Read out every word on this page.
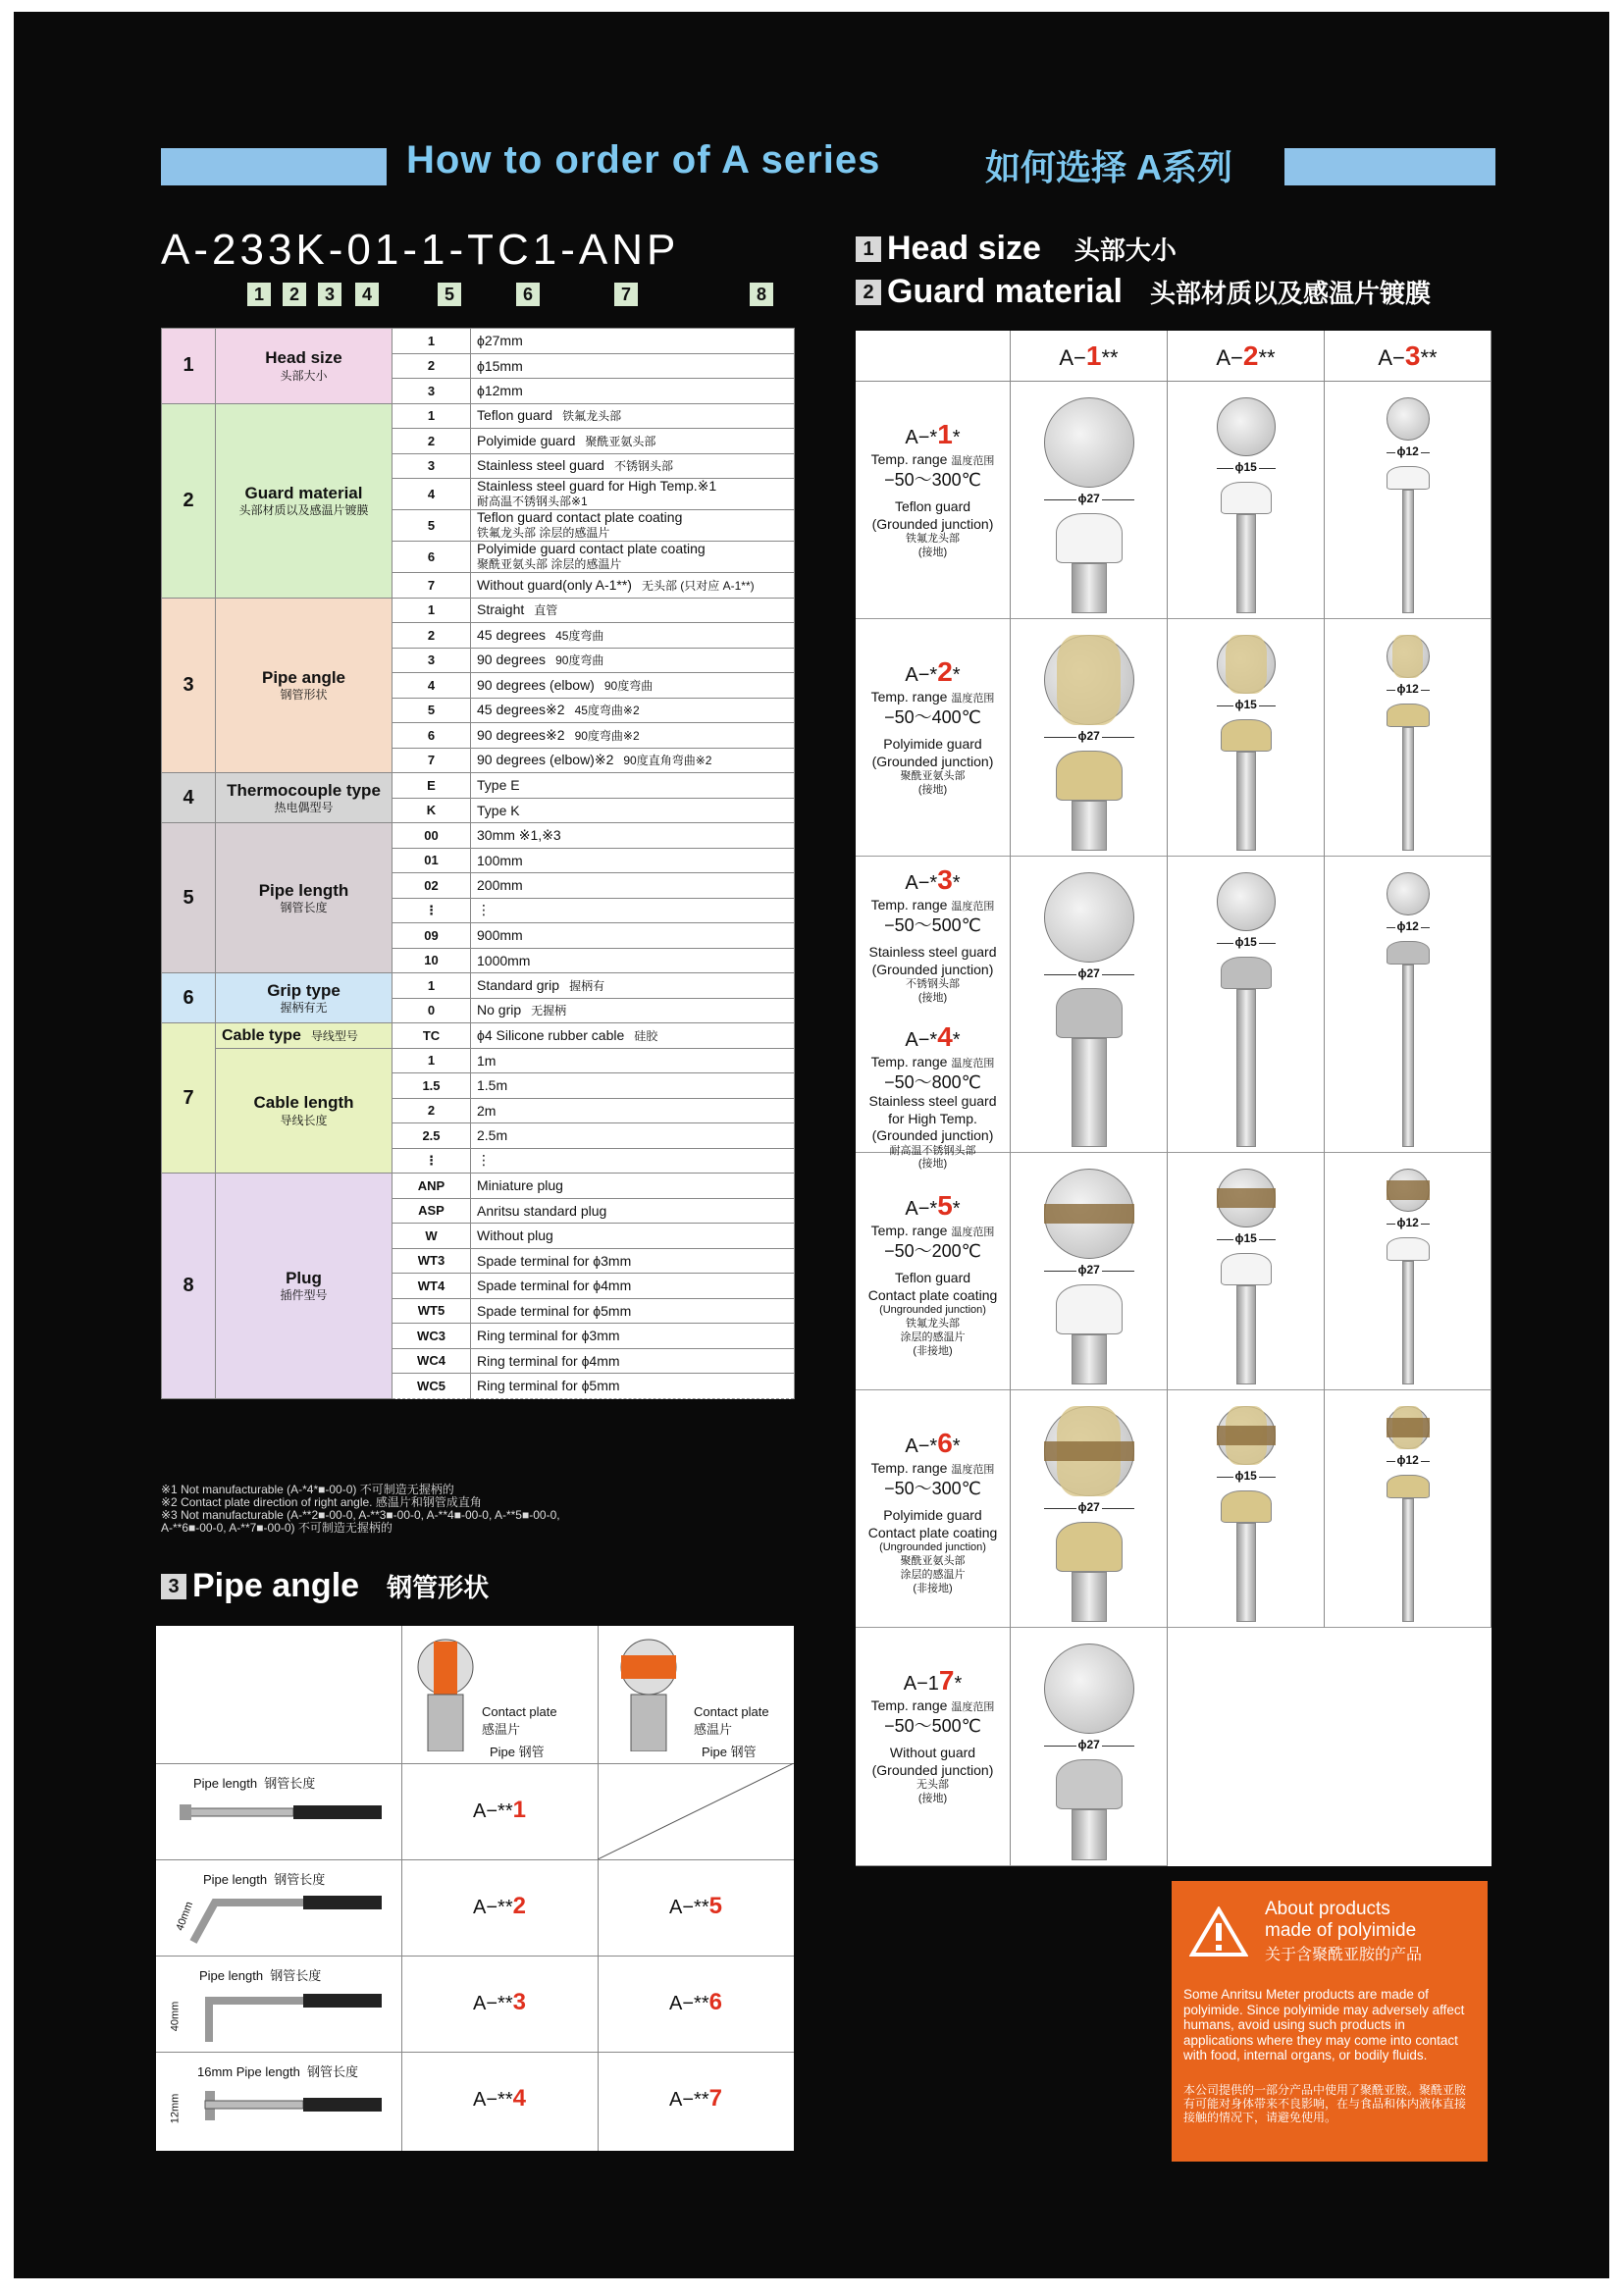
How to order of A series	如何选择 A系列
A-233K-01-1-TC1-ANP
1	2	3	4	5	6	7	8
1	Head size
头部大小	1	ϕ27mm
		2	ϕ15mm
		3	ϕ12mm
2	Guard material
头部材质以及感温片镀膜	1	Teflon guard 铁氟龙头部
		2	Polyimide guard 聚酰亚氨头部
		3	Stainless steel guard 不锈钢头部
		4	Stainless steel guard for High Temp.※1
耐高温不锈钢头部※1
		5	Teflon guard contact plate coating
铁氟龙头部 涂层的感温片
		6	Polyimide guard contact plate coating
聚酰亚氨头部 涂层的感温片
		7	Without guard(only A-1**) 无头部 (只对应 A-1**)
3	Pipe angle
钢管形状	1	Straight 直管
		2	45 degrees 45度弯曲
		3	90 degrees 90度弯曲
		4	90 degrees (elbow) 90度弯曲
		5	45 degrees※2 45度弯曲※2
		6	90 degrees※2 90度弯曲※2
		7	90 degrees (elbow)※2 90度直角弯曲※2
4	Thermocouple type
热电偶型号	E	Type E
		K	Type K
5	Pipe length
钢管长度	00	30mm ※1,※3
		01	100mm
		02	200mm
		⋮	⋮
		09	900mm
		10	1000mm
6	Grip type
握柄有无	1	Standard grip 握柄有
		0	No grip 无握柄
7	Cable type 导线型号	TC	ϕ4 Silicone rubber cable 硅胶

	Cable length
导线长度	1	1m
		1.5	1.5m
		2	2m
		2.5	2.5m
		⋮	⋮
8	Plug
插件型号	ANP	Miniature plug
		ASP	Anritsu standard plug
		W	Without plug
		WT3	Spade terminal for ϕ3mm
		WT4	Spade terminal for ϕ4mm
		WT5	Spade terminal for ϕ5mm
		WC3	Ring terminal for ϕ3mm
		WC4	Ring terminal for ϕ4mm
		WC5	Ring terminal for ϕ5mm
※1 Not manufacturable (A-*4*■-00-0) 不可制造无握柄的
※2 Contact plate direction of right angle. 感温片和钢管成直角
※3 Not manufacturable (A-**2■-00-0, A-**3■-00-0, A-**4■-00-0, A-**5■-00-0,
A-**6■-00-0, A-**7■-00-0) 不可制造无握柄的
1 Head size 头部大小
2 Guard material 头部材质以及感温片镀膜
A−1**	A−2**	A−3**
A−*1*
Temp. range 温度范围
−50～300℃
Teflon guard
(Grounded junction)
铁氟龙头部
(接地)
ϕ27
ϕ15
ϕ12
A−*2*
Temp. range 温度范围
−50～400℃
Polyimide guard
(Grounded junction)
聚酰亚氨头部
(接地)
ϕ27
ϕ15
ϕ12
A−*3*
Temp. range 温度范围
−50～500℃
Stainless steel guard
(Grounded junction)
不锈钢头部
(接地)
A−*4*
Temp. range 温度范围
−50～800℃
Stainless steel guard
for High Temp.
(Grounded junction)
耐高温不锈钢头部
(接地)
ϕ27
ϕ15
ϕ12
A−*5*
Temp. range 温度范围
−50～200℃
Teflon guard
Contact plate coating
(Ungrounded junction)
铁氟龙头部
涂层的感温片
(非接地)
ϕ27
ϕ15
ϕ12
A−*6*
Temp. range 温度范围
−50～300℃
Polyimide guard
Contact plate coating
(Ungrounded junction)
聚酰亚氨头部
涂层的感温片
(非接地)
ϕ27
ϕ15
ϕ12
A−17*
Temp. range 温度范围
−50～500℃
Without guard
(Grounded junction)
无头部
(接地)
ϕ27
About products
made of polyimide
关于含聚酰亚胺的产品
Some Anritsu Meter products are made of polyimide. Since polyimide may adversely affect humans, avoid using such products in applications where they may come into contact with food, internal organs, or bodily fluids.
本公司提供的一部分产品中使用了聚酰亚胺。聚酰亚胺有可能对身体带来不良影响，在与食品和体内液体直接接触的情况下，请避免使用。
3 Pipe angle 钢管形状
Contact plate
感温片
Pipe 钢管
Contact plate
感温片
Pipe 钢管
Pipe length 钢管长度
Pipe length 钢管长度
40mm
Pipe length 钢管长度
40mm
16mm Pipe length 钢管长度
12mm
A−**1
A−**2	A−**5
A−**3	A−**6
A−**4	A−**7
